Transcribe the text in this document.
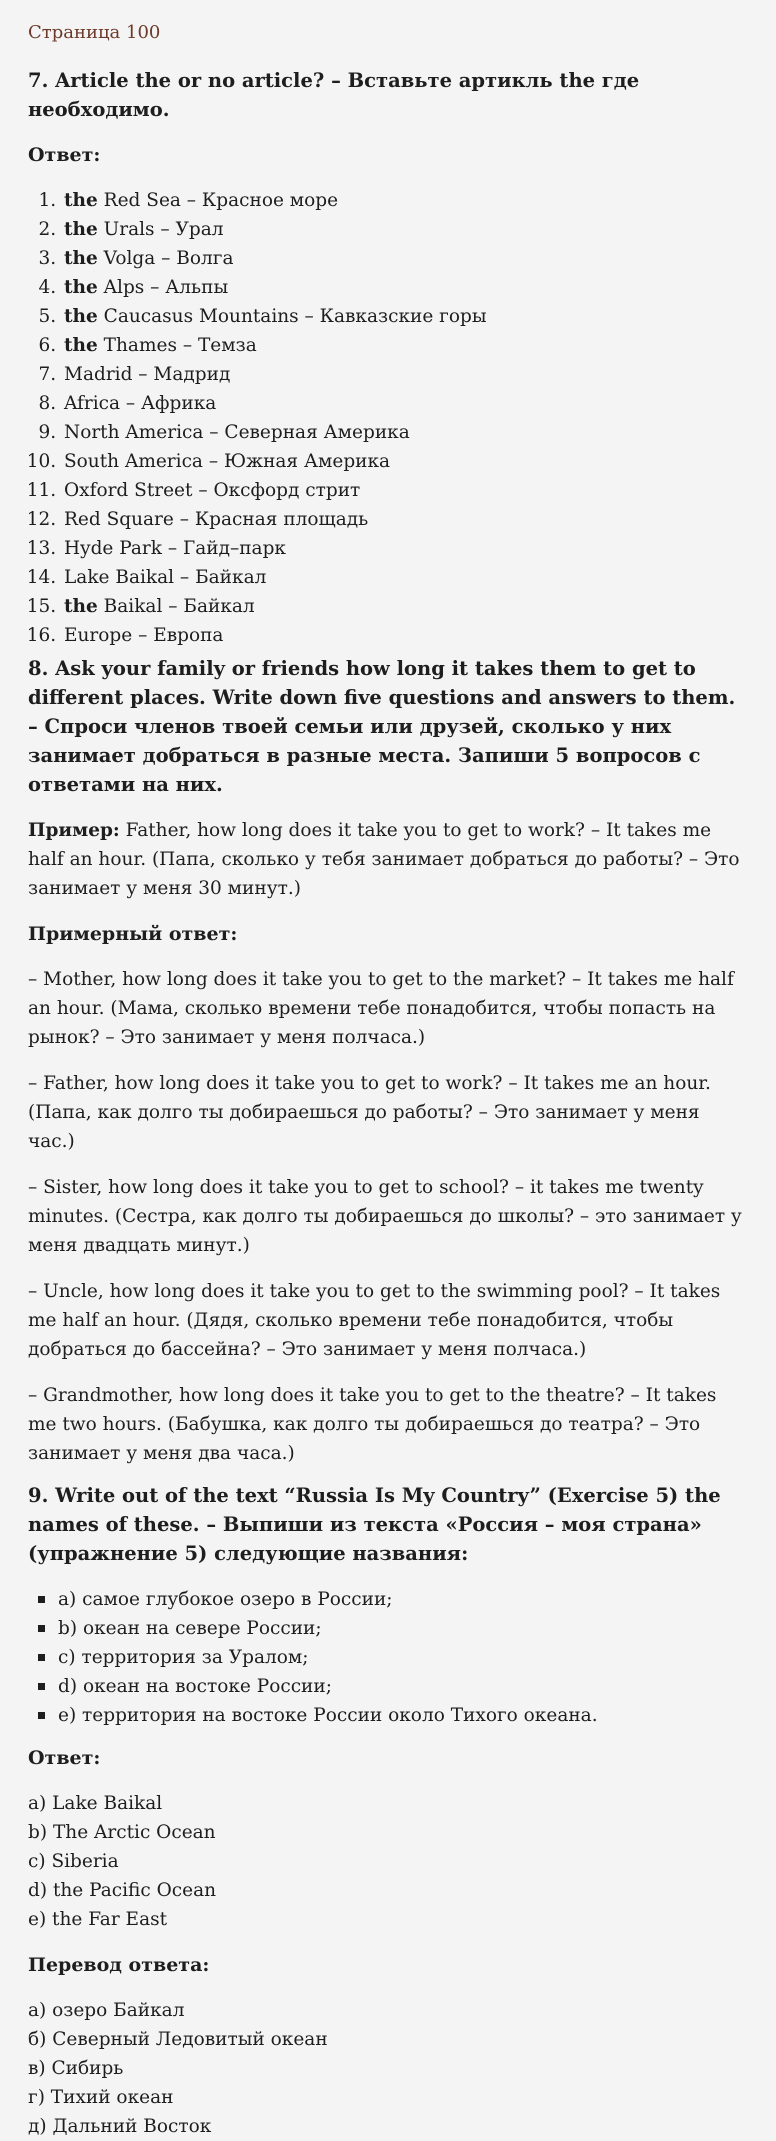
Страница 100
7. Article the or no article? – Вставьте артикль the где необходимо.
Ответ:
1. the Red Sea – Красное море
2. the Urals – Урал
3. the Volga – Волга
4. the Alps – Альпы
5. the Caucasus Mountains – Кавказские горы
6. the Thames – Темза
7. Madrid – Мадрид
8. Africa – Африка
9. North America – Северная Америка
10. South America – Южная Америка
11. Oxford Street – Оксфорд стрит
12. Red Square – Красная площадь
13. Hyde Park – Гайд–парк
14. Lake Baikal – Байкал
15. the Baikal – Байкал
16. Europe – Европа
8. Ask your family or friends how long it takes them to get to different places. Write down five questions and answers to them. – Спроси членов твоей семьи или друзей, сколько у них занимает добраться в разные места. Запиши 5 вопросов с ответами на них.

Пример: Father, how long does it take you to get to work? – It takes me half an hour. (Папа, сколько у тебя занимает добраться до работы? – Это занимает у меня 30 минут.)

Примерный ответ:

– Mother, how long does it take you to get to the market? – It takes me half an hour. (Мама, сколько времени тебе понадобится, чтобы попасть на рынок? – Это занимает у меня полчаса.)

– Father, how long does it take you to get to work? – It takes me an hour. (Папа, как долго ты добираешься до работы? – Это занимает у меня час.)

– Sister, how long does it take you to get to school? – it takes me twenty minutes. (Сестра, как долго ты добираешься до школы? – это занимает у меня двадцать минут.)

– Uncle, how long does it take you to get to the swimming pool? – It takes me half an hour. (Дядя, сколько времени тебе понадобится, чтобы добраться до бассейна? – Это занимает у меня полчаса.)

– Grandmother, how long does it take you to get to the theatre? – It takes me two hours. (Бабушка, как долго ты добираешься до театра? – Это занимает у меня два часа.)

9. Write out of the text “Russia Is My Country” (Exercise 5) the names of these. – Выпиши из текста «Россия – моя страна» (упражнение 5) следующие названия:
a) самое глубокое озеро в России;
b) океан на севере России;
c) территория за Уралом;
d) океан на востоке России;
e) территория на востоке России около Тихого океана.
Ответ:
a) Lake Baikal
b) The Arctic Ocean
c) Siberia
d) the Pacific Ocean
e) the Far East
Перевод ответа:
а) озеро Байкал
б) Северный Ледовитый океан
в) Сибирь
г) Тихий океан
д) Дальний Восток
